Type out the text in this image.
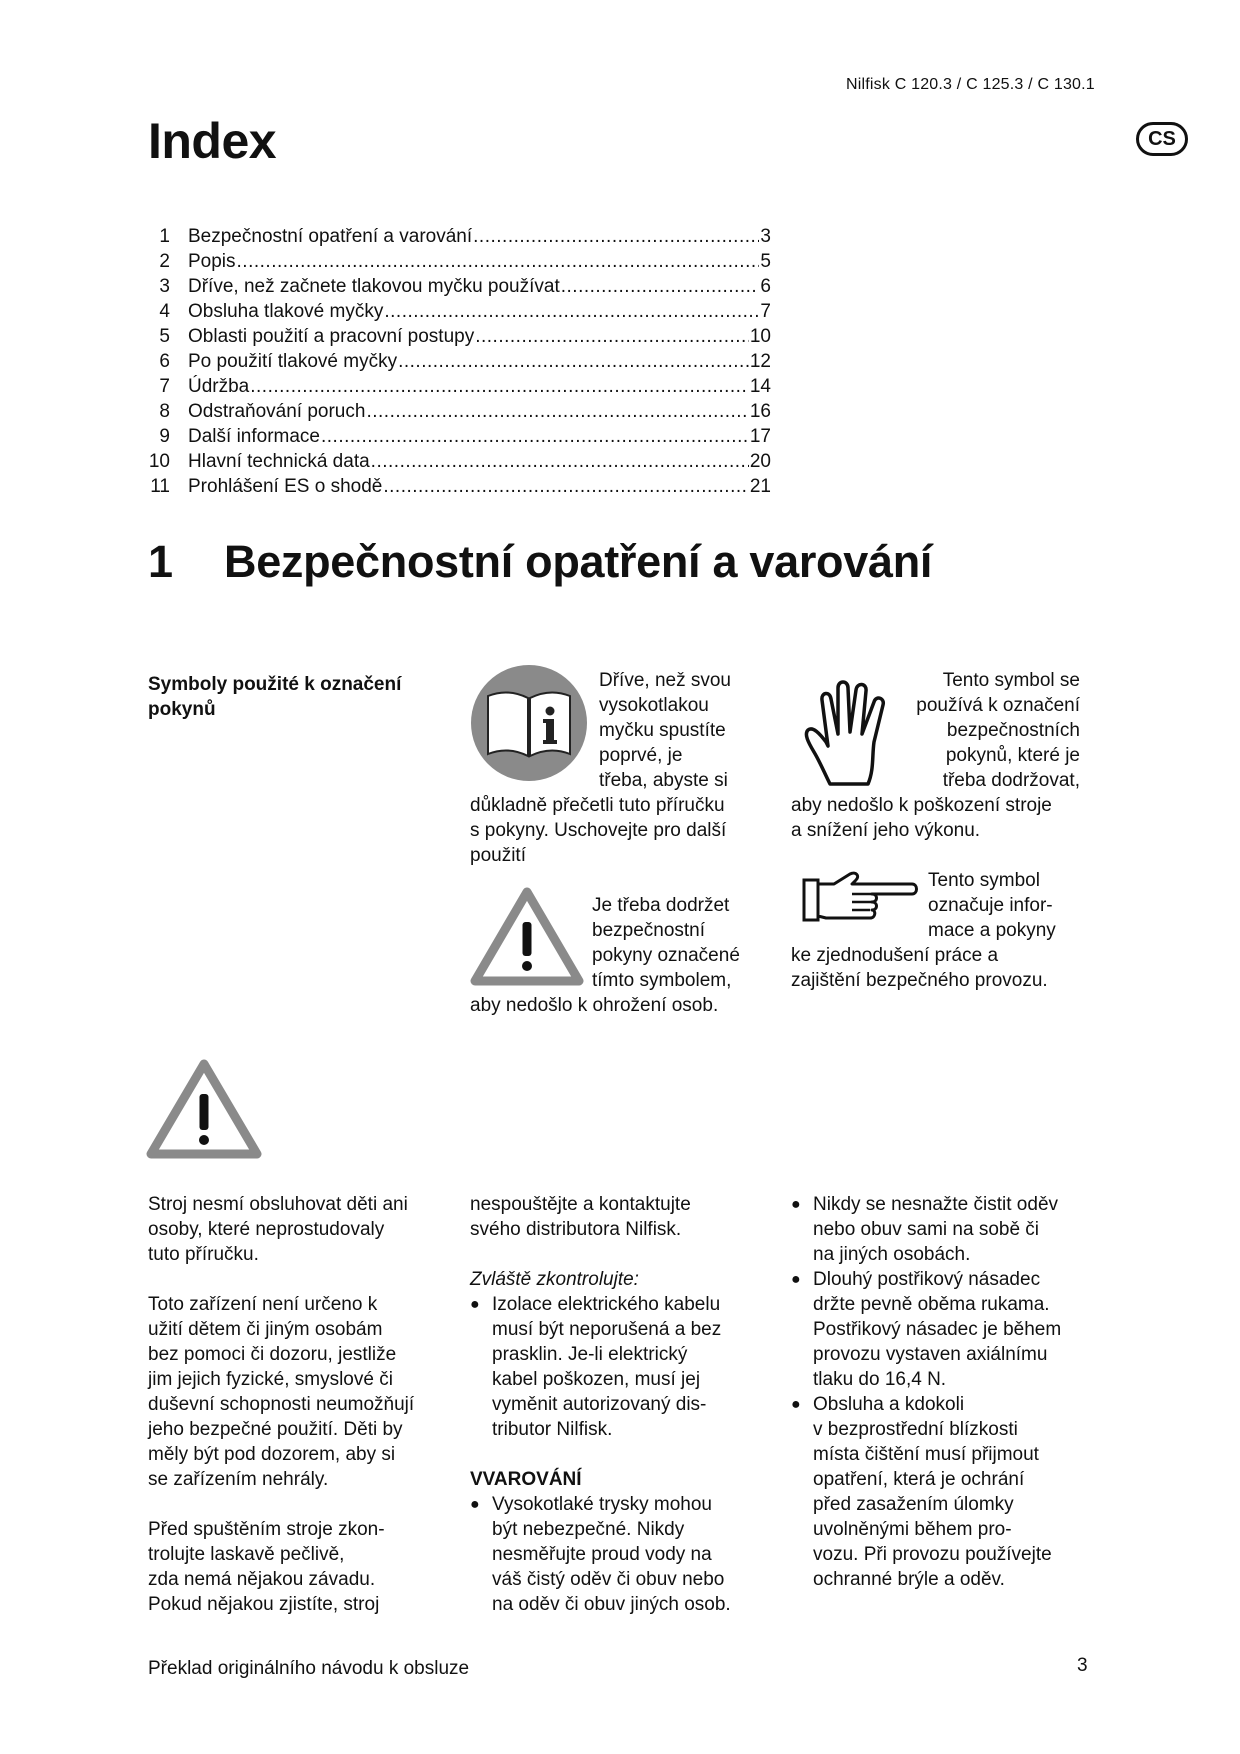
Nilfisk C 120.3 / C 125.3 / C 130.1
CS
Index
1 Bezpečnostní opatření a varování .....	3
2 Popis .....	5
3 Dříve, než začnete tlakovou myčku používat .....	6
4 Obsluha tlakové myčky .....	7
5 Oblasti použití a pracovní postupy .....	10
6 Po použití tlakové myčky .....	12
7 Údržba .....	14
8 Odstraňování poruch .....	16
9 Další informace .....	17
10 Hlavní technická data .....	20
11 Prohlášení ES o shodě .....	21
1 Bezpečnostní opatření a varování
Symboly použité k označení pokynů
Dříve, než svou
vysokotlakou
myčku spustíte
poprvé, je
třeba, abyste si
důkladně přečetli tuto příručku
s pokyny. Uschovejte pro další
použití
Je třeba dodržet
bezpečnostní
pokyny označené
tímto symbolem,
aby nedošlo k ohrožení osob.
Tento symbol se
používá k označení
bezpečnostních
pokynů, které je
třeba dodržovat,
aby nedošlo k poškození stroje
a snížení jeho výkonu.
Tento symbol
označuje infor-
mace a pokyny
ke zjednodušení práce a
zajištění bezpečného provozu.

Stroj nesmí obsluhovat děti ani
osoby, které neprostudovaly
tuto příručku.

Toto zařízení není určeno k
užití dětem či jiným osobám
bez pomoci či dozoru, jestliže
jim jejich fyzické, smyslové či
duševní schopnosti neumožňují
jeho bezpečné použití. Děti by
měly být pod dozorem, aby si
se zařízením nehrály.

Před spuštěním stroje zkon-
trolujte laskavě pečlivě,
zda nemá nějakou závadu.
Pokud nějakou zjistíte, stroj

nespouštějte a kontaktujte
svého distributora Nilfisk.

Zvláště zkontrolujte:

● Izolace elektrického kabelu
musí být neporušená a bez
prasklin. Je-li elektrický
kabel poškozen, musí jej
vyměnit autorizovaný dis-
tributor Nilfisk.

VVAROVÁNÍ

● Vysokotlaké trysky mohou
být nebezpečné. Nikdy
nesměřujte proud vody na
váš čistý oděv či obuv nebo
na oděv či obuv jiných osob.

● Nikdy se nesnažte čistit oděv
nebo obuv sami na sobě či
na jiných osobách.
● Dlouhý postřikový násadec
držte pevně oběma rukama.
Postřikový násadec je během
provozu vystaven axiálnímu
tlaku do 16,4 N.
● Obsluha a kdokoli
v bezprostřední blízkosti
místa čištění musí přijmout
opatření, která je ochrání
před zasažením úlomky
uvolněnými během pro-
vozu. Při provozu používejte
ochranné brýle a oděv.
Překlad originálního návodu k obsluze	3
